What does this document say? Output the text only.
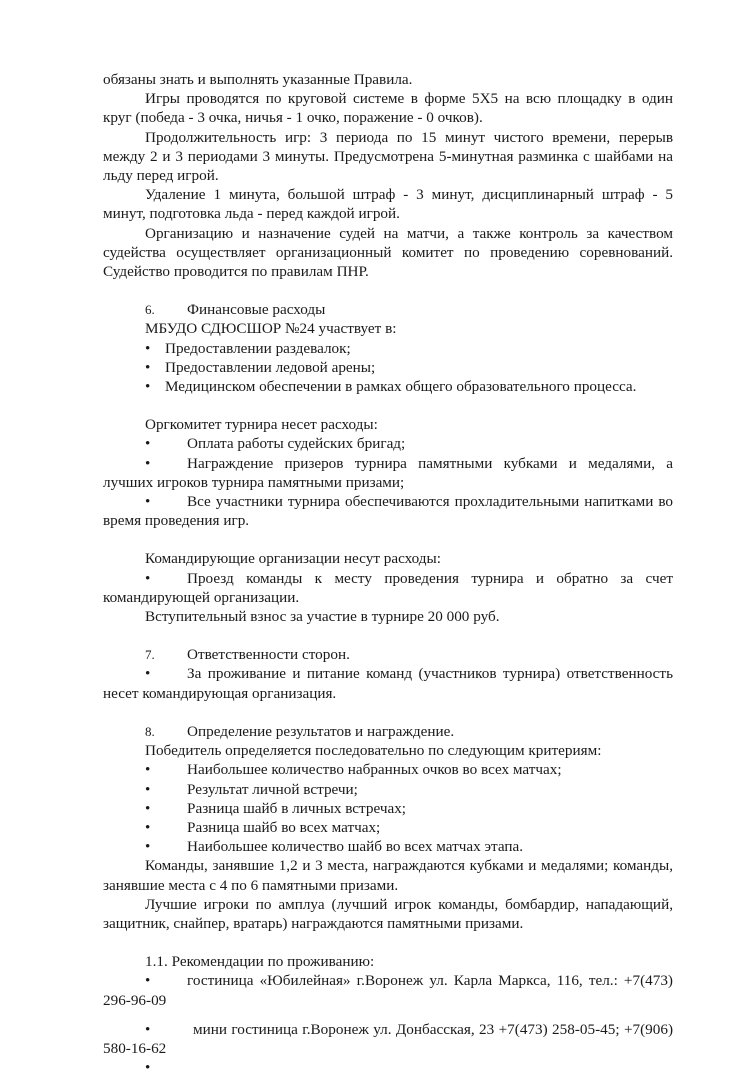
обязаны знать и выполнять указанные Правила.

Игры проводятся по круговой системе в форме 5Х5 на всю площадку в один круг (победа - 3 очка, ничья - 1 очко, поражение - 0 очков).

Продолжительность игр: 3 периода по 15 минут чистого времени, перерыв между 2 и 3 периодами 3 минуты. Предусмотрена 5-минутная разминка с шайбами на льду перед игрой.

Удаление 1 минута, большой штраф - 3 минут, дисциплинарный штраф - 5 минут, подготовка льда - перед каждой игрой.

Организацию и назначение судей на матчи, а также контроль за качеством судейства осуществляет организационный комитет по проведению соревнований. Судейство проводится по правилам ПНР.

6. Финансовые расходы

МБУДО СДЮСШОР №24 участвует в:

• Предоставлении раздевалок;

• Предоставлении ледовой арены;

• Медицинском обеспечении в рамках общего образовательного процесса.

Оргкомитет турнира несет расходы:

• Оплата работы судейских бригад;

• Награждение призеров турнира памятными кубками и медалями, а лучших игроков турнира памятными призами;

• Все участники турнира обеспечиваются прохладительными напитками во время проведения игр.

Командирующие организации несут расходы:

• Проезд команды к месту проведения турнира и обратно за счет командирующей организации.

Вступительный взнос за участие в турнире 20 000 руб.

7. Ответственности сторон.

• За проживание и питание команд (участников турнира) ответственность несет командирующая организация.

8. Определение результатов и награждение.

Победитель определяется последовательно по следующим критериям:

• Наибольшее количество набранных очков во всех матчах;

• Результат личной встречи;

• Разница шайб в личных встречах;

• Разница шайб во всех матчах;

• Наибольшее количество шайб во всех матчах этапа.

Команды, занявшие 1,2 и 3 места, награждаются кубками и медалями; команды, занявшие места с 4 по 6 памятными призами.

Лучшие игроки по амплуа (лучший игрок команды, бомбардир, нападающий, защитник, снайпер, вратарь) награждаются памятными призами.

1.1. Рекомендации по проживанию:

• гостиница «Юбилейная» г.Воронеж ул. Карла Маркса, 116, тел.: +7(473) 296-96-09

•	мини гостиница г.Воронеж ул. Донбасская, 23 +7(473) 258-05-45; +7(906) 580-16-62

•
